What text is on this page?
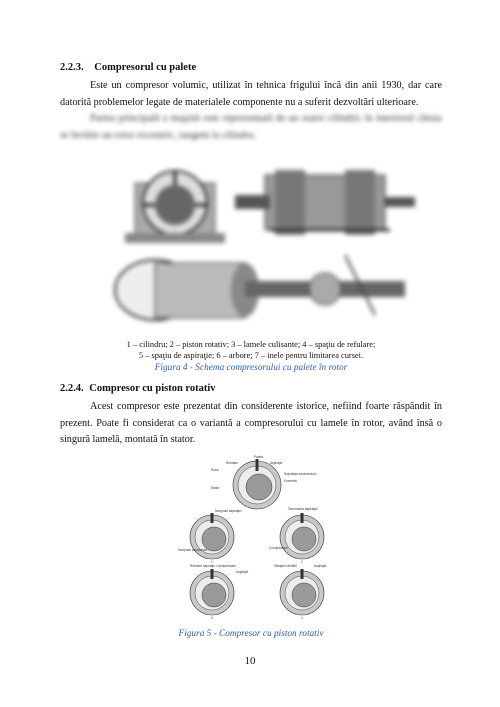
2.2.3. Compresorul cu palete
Este un compresor volumic, utilizat în tehnica frigului încă din anii 1930, dar care datorită problemelor legate de materialele componente nu a suferit dezvoltări ulterioare.
Partea principală a maşinii este reprezentată de un stator cilindric în interiorul căruia se învârte un rotor excentric, tangent la cilindru.
1 – cilindru; 2 – piston rotativ; 3 – lamele culisante; 4 – spaţiu de refulare;
5 – spaţiu de aspiraţie; 6 – arbore; 7 – inele pentru limitarea cursei.
Figura 4 - Schema compresorului cu palete în rotor
2.2.4. Compresor cu piston rotativ
Acest compresor este prezentat din considerente istorice, nefiind foarte răspândit în prezent. Poate fi considerat ca o variantă a compresorului cu lamele în rotor, având însă o singură lamelă, montată în stator.
Paleta
Refulare	Aspiraţie
Rotor
Stator
Suprafaţa excentricului
Excentric
Începutul aspiraţiei
Începutul compresiei
1
Terminarea aspiraţiei
Compresiune
2
Refulare aspiraţie / compresiune
Aspiraţie
3
Sfârşitul refulării	Aspiraţie
4
Figura 5 - Compresor cu piston rotativ
10
